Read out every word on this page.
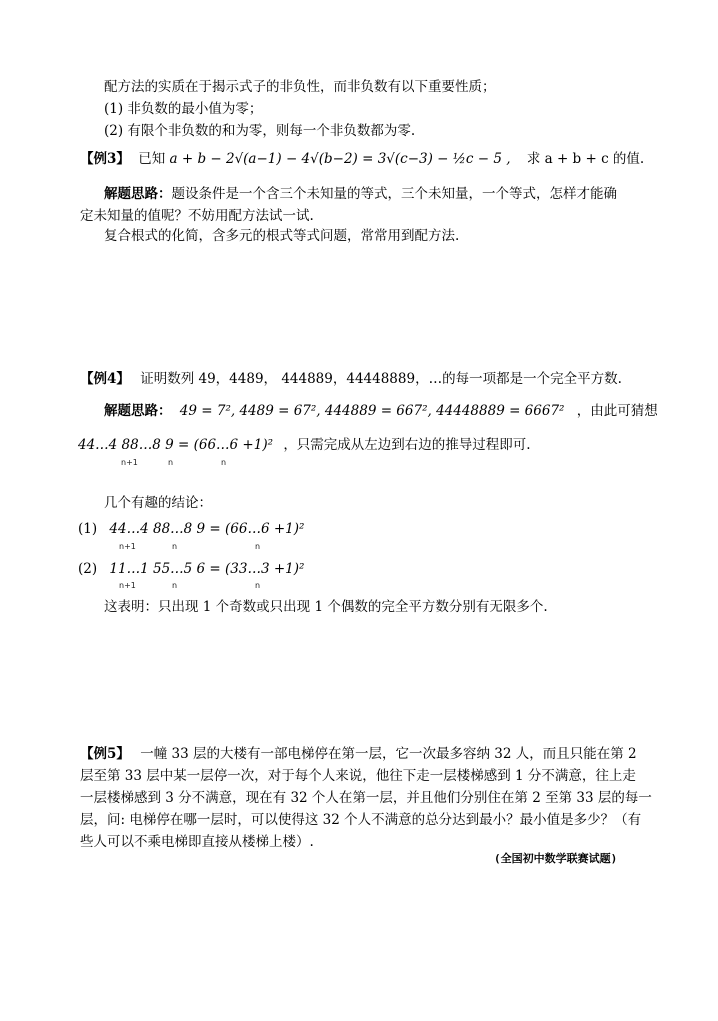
配方法的实质在于揭示式子的非负性，而非负数有以下重要性质；
(1) 非负数的最小值为零；
(2) 有限个非负数的和为零，则每一个非负数都为零.
【例3】 已知 a + b − 2√(a−1) − 4√(b−2) = 3√(c−3) − ½c − 5 , 求 a + b + c 的值.
解题思路：题设条件是一个含三个未知量的等式，三个未知量，一个等式，怎样才能确
定未知量的值呢？不妨用配方法试一试.
复合根式的化简，含多元的根式等式问题，常常用到配方法.
【例4】 证明数列 49，4489， 444889，44448889，…的每一项都是一个完全平方数.
解题思路： 49 = 7², 4489 = 67², 444889 = 667², 44448889 = 6667² ，由此可猜想
44…4 88…8 9 = (66…6 +1)² ，只需完成从左边到右边的推导过程即可.
n+1	n	n
几个有趣的结论：
(1) 44…4 88…8 9 = (66…6 +1)²
n+1	n	n
(2) 11…1 55…5 6 = (33…3 +1)²
n+1	n	n
这表明：只出现 1 个奇数或只出现 1 个偶数的完全平方数分别有无限多个.
【例5】 一幢 33 层的大楼有一部电梯停在第一层，它一次最多容纳 32 人，而且只能在第 2
层至第 33 层中某一层停一次，对于每个人来说，他往下走一层楼梯感到 1 分不满意，往上走
一层楼梯感到 3 分不满意，现在有 32 个人在第一层，并且他们分别住在第 2 至第 33 层的每一
层，问: 电梯停在哪一层时，可以使得这 32 个人不满意的总分达到最小？最小值是多少？（有
些人可以不乘电梯即直接从楼梯上楼）.
(全国初中数学联赛试题)
